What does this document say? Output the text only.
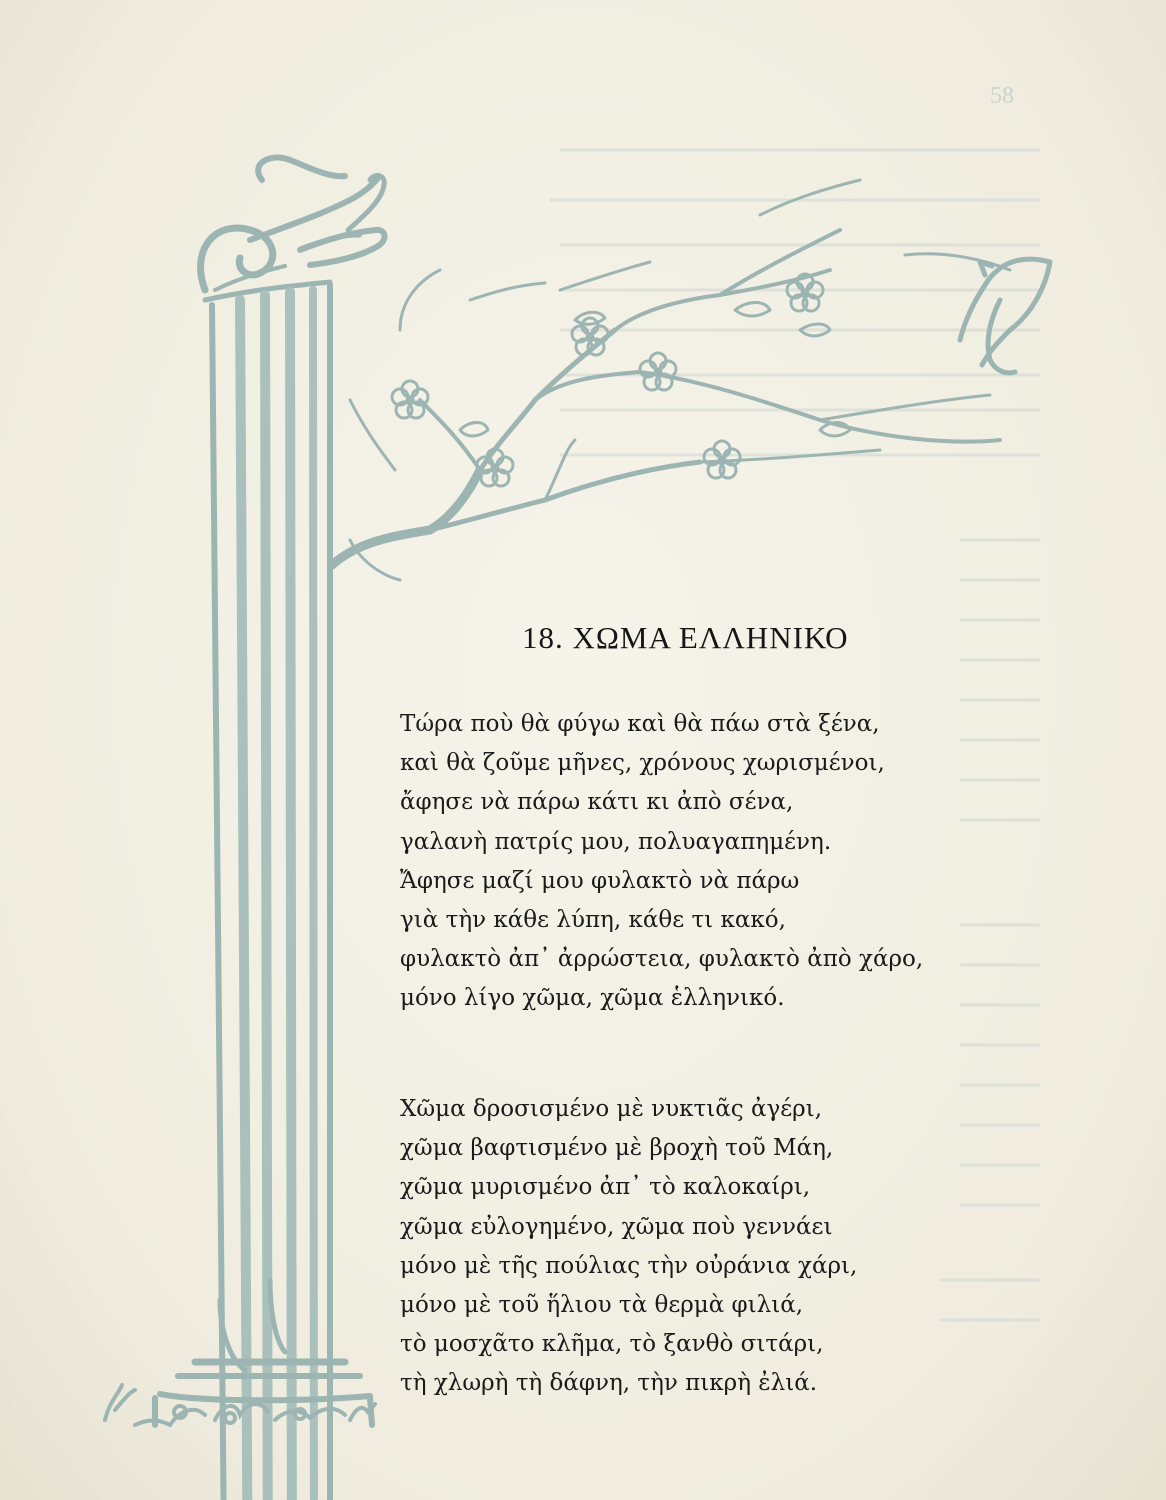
58
18. ΧΩΜΑ ΕΛΛΗΝΙΚΟ
Τώρα ποὺ θὰ φύγω καὶ θὰ πάω στὰ ξένα,
καὶ θὰ ζοῦμε μῆνες, χρόνους χωρισμένοι,
ἄφησε νὰ πάρω κάτι κι ἀπὸ σένα,
γαλανὴ πατρίς μου, πολυαγαπημένη.
Ἄφησε μαζί μου φυλακτὸ νὰ πάρω
γιὰ τὴν κάθε λύπη, κάθε τι κακό,
φυλακτὸ ἀπ᾿ ἀρρώστεια, φυλακτὸ ἀπὸ χάρο,
μόνο λίγο χῶμα, χῶμα ἑλληνικό.
Χῶμα δροσισμένο μὲ νυκτιᾶς ἀγέρι,
χῶμα βαφτισμένο μὲ βροχὴ τοῦ Μάη,
χῶμα μυρισμένο ἀπ᾿ τὸ καλοκαίρι,
χῶμα εὐλογημένο, χῶμα ποὺ γεννάει
μόνο μὲ τῆς πούλιας τὴν οὐράνια χάρι,
μόνο μὲ τοῦ ἥλιου τὰ θερμὰ φιλιά,
τὸ μοσχᾶτο κλῆμα, τὸ ξανθὸ σιτάρι,
τὴ χλωρὴ τὴ δάφνη, τὴν πικρὴ ἐλιά.
